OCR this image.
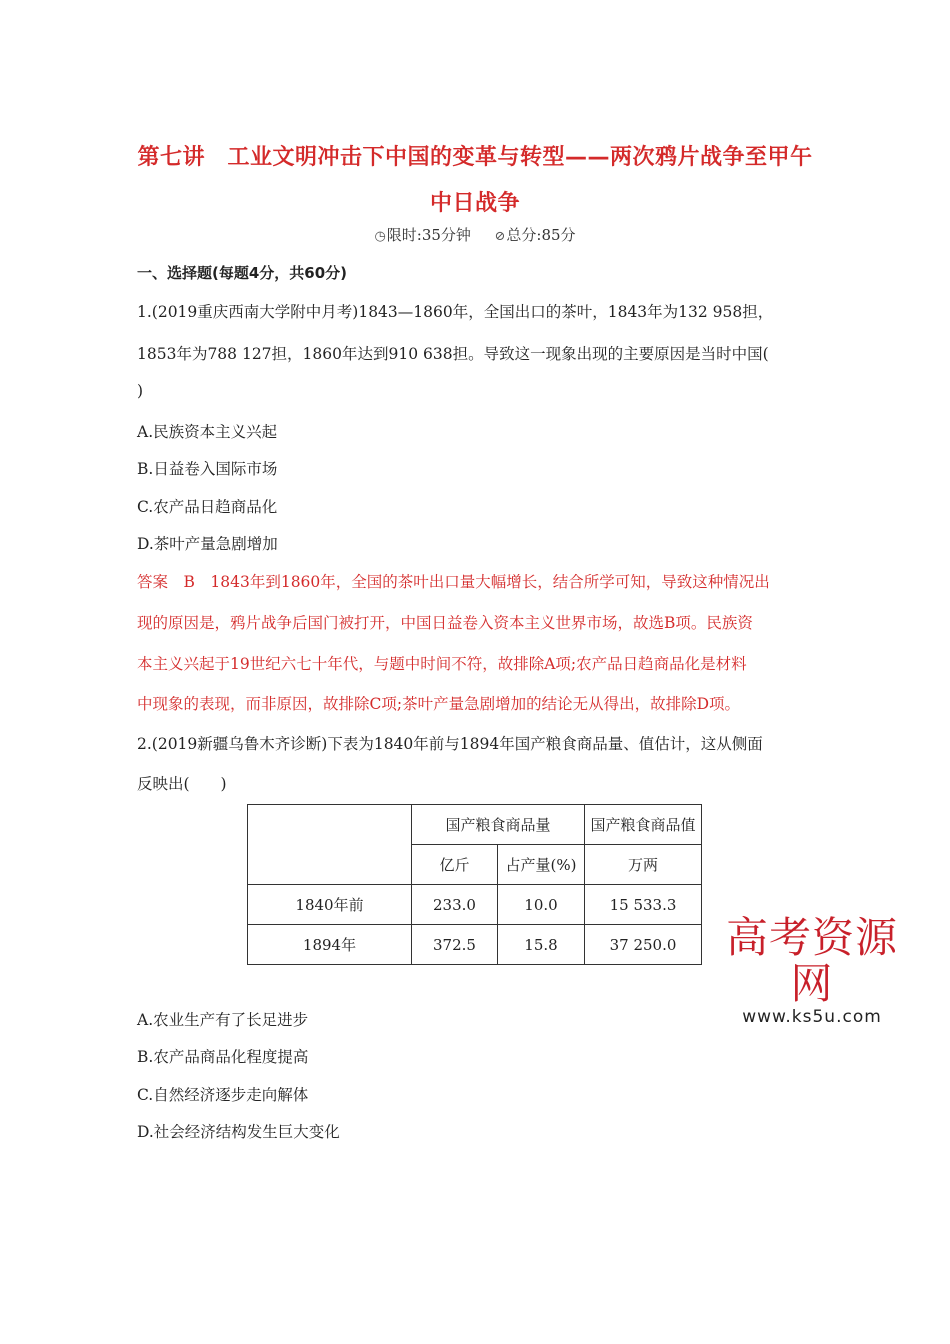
第七讲　工业文明冲击下中国的变革与转型——两次鸦片战争至甲午
中日战争
◷限时:35分钟 ⊘总分:85分
一、选择题(每题4分，共60分)
1.(2019重庆西南大学附中月考)1843—1860年，全国出口的茶叶，1843年为132 958担，
1853年为788 127担，1860年达到910 638担。导致这一现象出现的主要原因是当时中国(
)
A.民族资本主义兴起
B.日益卷入国际市场
C.农产品日趋商品化
D.茶叶产量急剧增加
答案　B　1843年到1860年，全国的茶叶出口量大幅增长，结合所学可知，导致这种情况出
现的原因是，鸦片战争后国门被打开，中国日益卷入资本主义世界市场，故选B项。民族资
本主义兴起于19世纪六七十年代，与题中时间不符，故排除A项;农产品日趋商品化是材料
中现象的表现，而非原因，故排除C项;茶叶产量急剧增加的结论无从得出，故排除D项。
2.(2019新疆乌鲁木齐诊断)下表为1840年前与1894年国产粮食商品量、值估计，这从侧面
反映出(　　)
	国产粮食商品量		国产粮食商品值
	亿斤	占产量(%)	万两
1840年前	233.0	10.0	15 533.3
1894年	372.5	15.8	37 250.0	高考资源网
www.ks5u.com
A.农业生产有了长足进步
B.农产品商品化程度提高
C.自然经济逐步走向解体
D.社会经济结构发生巨大变化
